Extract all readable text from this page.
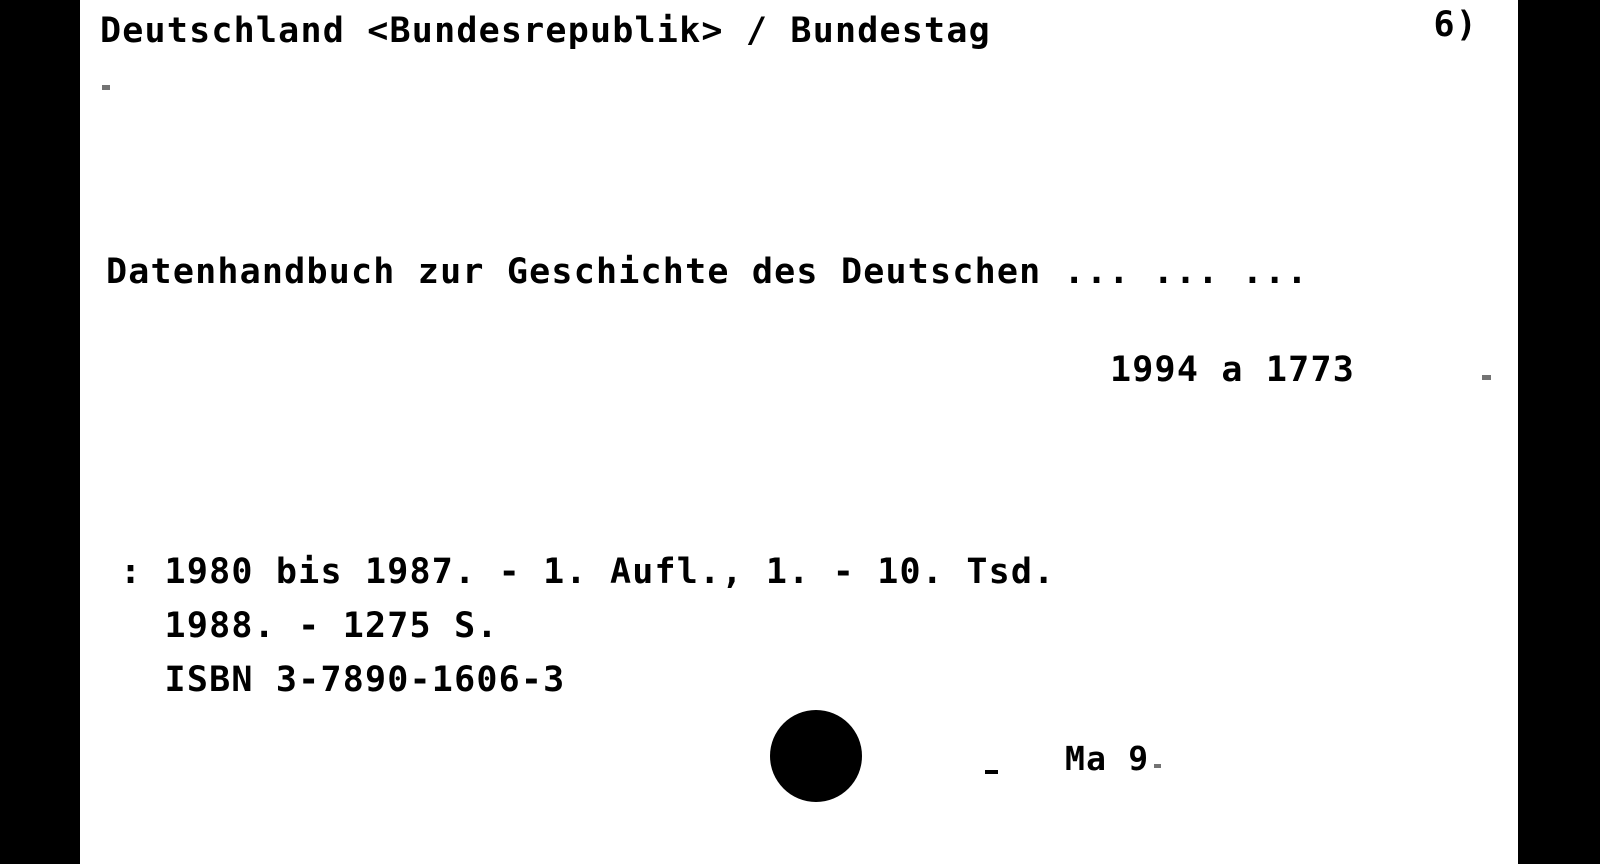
Deutschland <Bundesrepublik> / Bundestag	6)
Datenhandbuch zur Geschichte des Deutschen ... ... ...
1994 a 1773
: 1980 bis 1987. - 1. Aufl., 1. - 10. Tsd.
1988. - 1275 S.
ISBN 3-7890-1606-3
Ma 9
